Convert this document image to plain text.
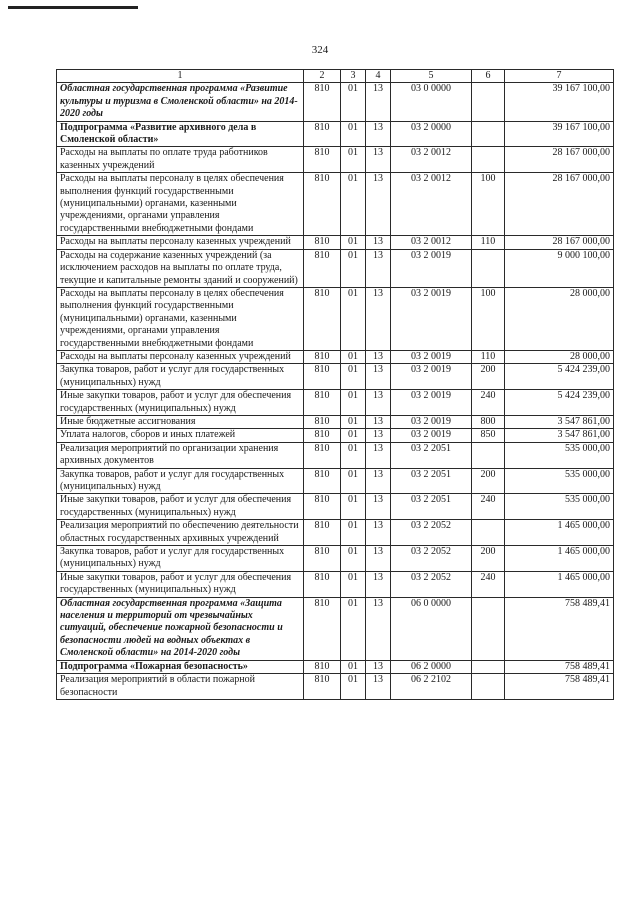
324
1	2	3	4	5	6	7
Областная государственная программа «Развитие культуры и туризма в Смоленской области» на 2014-2020 годы	810	01	13	03 0 0000		39 167 100,00
Подпрограмма «Развитие архивного дела в Смоленской области»	810	01	13	03 2 0000		39 167 100,00
Расходы на выплаты по оплате труда работников казенных учреждений	810	01	13	03 2 0012		28 167 000,00
Расходы на выплаты персоналу в целях обеспечения выполнения функций государственными (муниципальными) органами, казенными учреждениями, органами управления государственными внебюджетными фондами	810	01	13	03 2 0012	100	28 167 000,00
Расходы на выплаты персоналу казенных учреждений	810	01	13	03 2 0012	110	28 167 000,00
Расходы на содержание казенных учреждений (за исключением расходов на выплаты по оплате труда, текущие и капитальные ремонты зданий и сооружений)	810	01	13	03 2 0019		9 000 100,00
Расходы на выплаты персоналу в целях обеспечения выполнения функций государственными (муниципальными) органами, казенными учреждениями, органами управления государственными внебюджетными фондами	810	01	13	03 2 0019	100	28 000,00
Расходы на выплаты персоналу казенных учреждений	810	01	13	03 2 0019	110	28 000,00
Закупка товаров, работ и услуг для государственных (муниципальных) нужд	810	01	13	03 2 0019	200	5 424 239,00
Иные закупки товаров, работ и услуг для обеспечения государственных (муниципальных) нужд	810	01	13	03 2 0019	240	5 424 239,00
Иные бюджетные ассигнования	810	01	13	03 2 0019	800	3 547 861,00
Уплата налогов, сборов и иных платежей	810	01	13	03 2 0019	850	3 547 861,00
Реализация мероприятий по организации хранения архивных документов	810	01	13	03 2 2051		535 000,00
Закупка товаров, работ и услуг для государственных (муниципальных) нужд	810	01	13	03 2 2051	200	535 000,00
Иные закупки товаров, работ и услуг для обеспечения государственных (муниципальных) нужд	810	01	13	03 2 2051	240	535 000,00
Реализация мероприятий по обеспечению деятельности областных государственных архивных учреждений	810	01	13	03 2 2052		1 465 000,00
Закупка товаров, работ и услуг для государственных (муниципальных) нужд	810	01	13	03 2 2052	200	1 465 000,00
Иные закупки товаров, работ и услуг для обеспечения государственных (муниципальных) нужд	810	01	13	03 2 2052	240	1 465 000,00
Областная государственная программа «Защита населения и территорий от чрезвычайных ситуаций, обеспечение пожарной безопасности и безопасности людей на водных объектах в Смоленской области» на 2014-2020 годы	810	01	13	06 0 0000		758 489,41
Подпрограмма «Пожарная безопасность»	810	01	13	06 2 0000		758 489,41
Реализация мероприятий в области пожарной безопасности	810	01	13	06 2 2102		758 489,41
